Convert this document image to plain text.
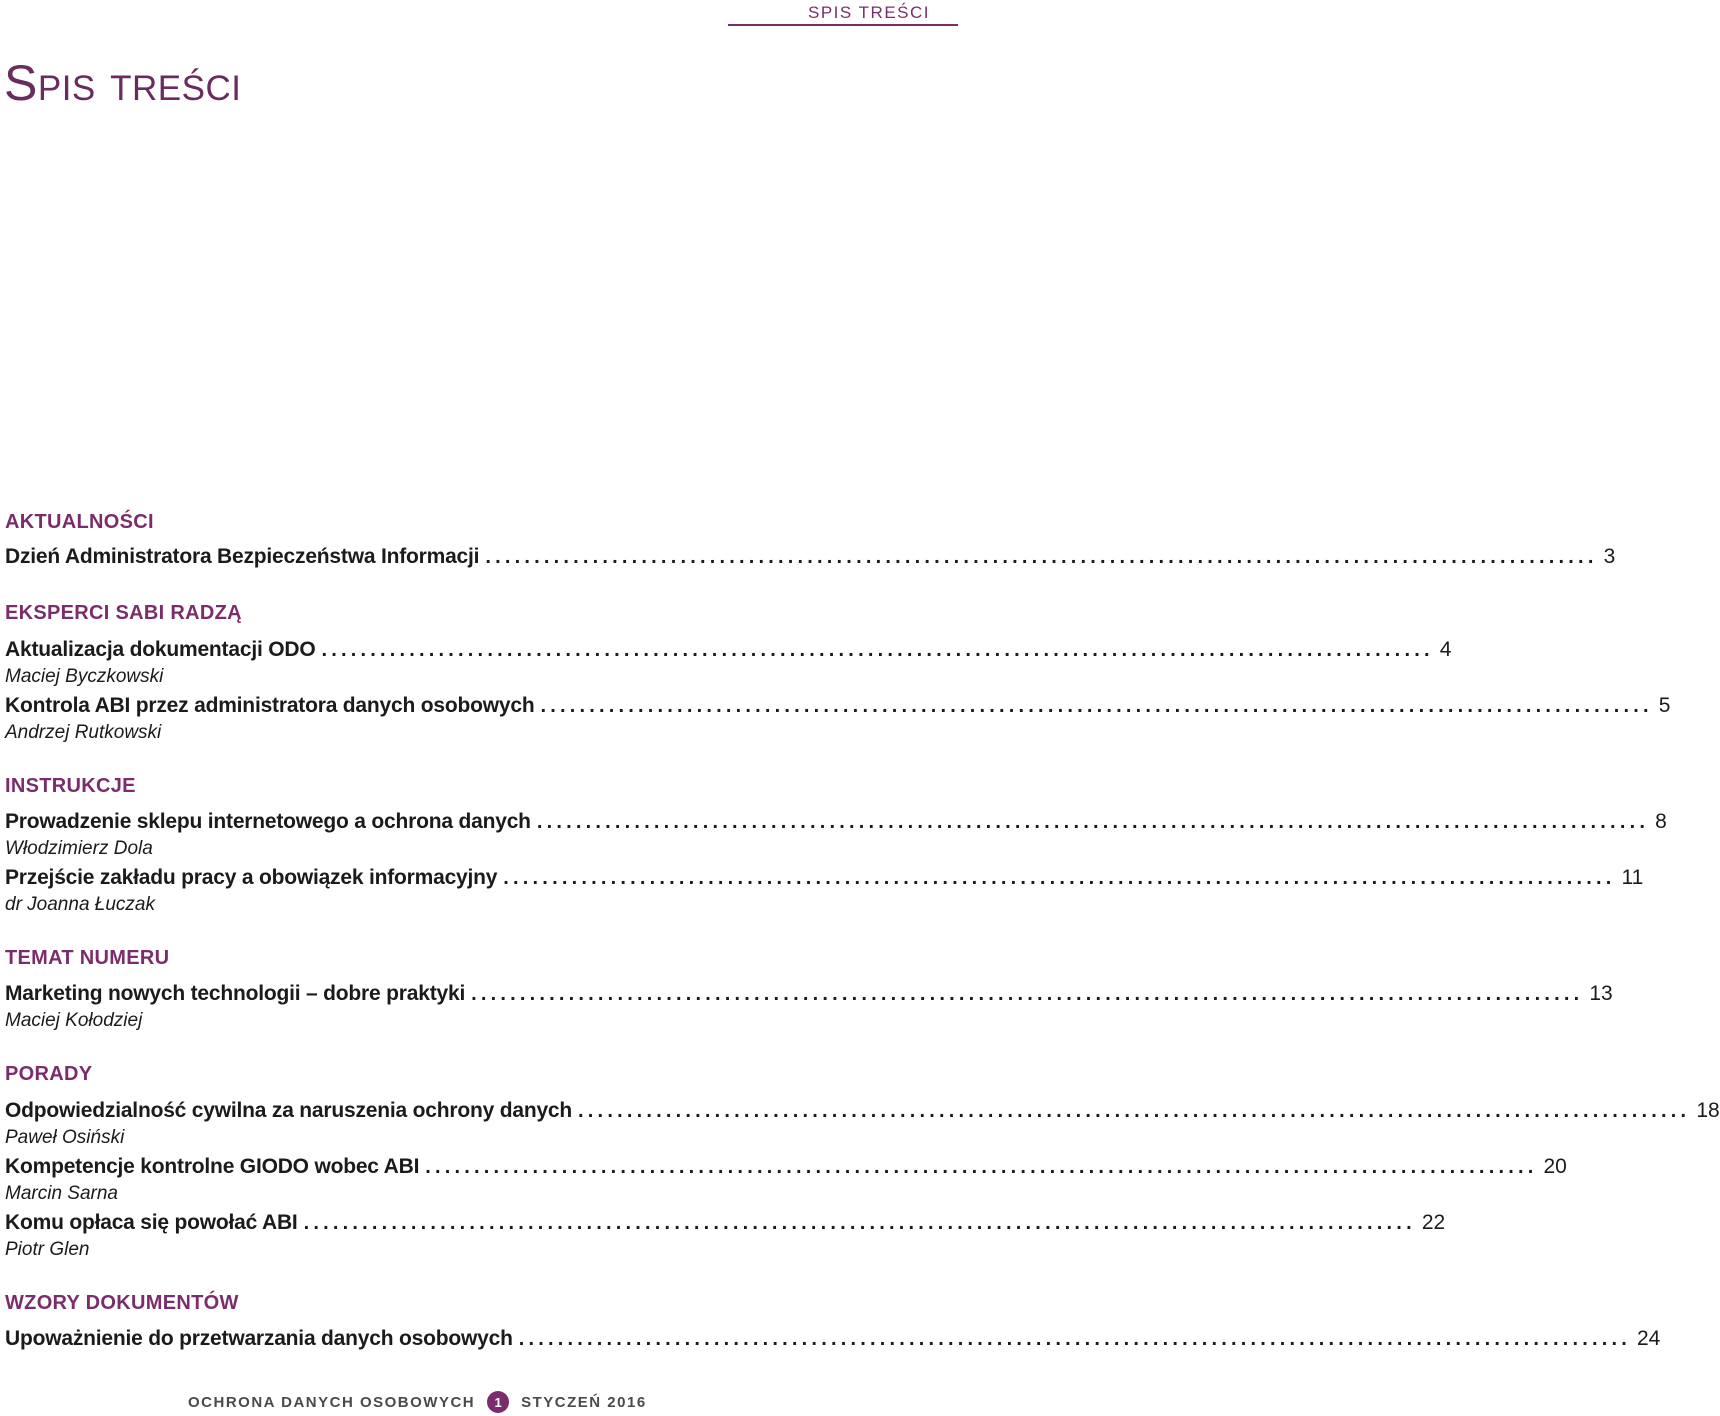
SPIS TREŚCI
Spis treści
AKTUALNOŚCI
Dzień Administratora Bezpieczeństwa Informacji .................................................................................................................. 3
EKSPERCI SABI RADZĄ
Aktualizacja dokumentacji ODO .................................................................................................................. 4
Maciej Byczkowski
Kontrola ABI przez administratora danych osobowych .................................................................................................................. 5
Andrzej Rutkowski
INSTRUKCJE
Prowadzenie sklepu internetowego a ochrona danych .................................................................................................................. 8
Włodzimierz Dola
Przejście zakładu pracy a obowiązek informacyjny .................................................................................................................. 11
dr Joanna Łuczak
TEMAT NUMERU
Marketing nowych technologii – dobre praktyki .................................................................................................................. 13
Maciej Kołodziej
PORADY
Odpowiedzialność cywilna za naruszenia ochrony danych .................................................................................................................. 18
Paweł Osiński
Kompetencje kontrolne GIODO wobec ABI .................................................................................................................. 20
Marcin Sarna
Komu opłaca się powołać ABI .................................................................................................................. 22
Piotr Glen
WZORY DOKUMENTÓW
Upoważnienie do przetwarzania danych osobowych .................................................................................................................. 24
OCHRONA DANYCH OSOBOWYCH	1	STYCZEŃ 2016
